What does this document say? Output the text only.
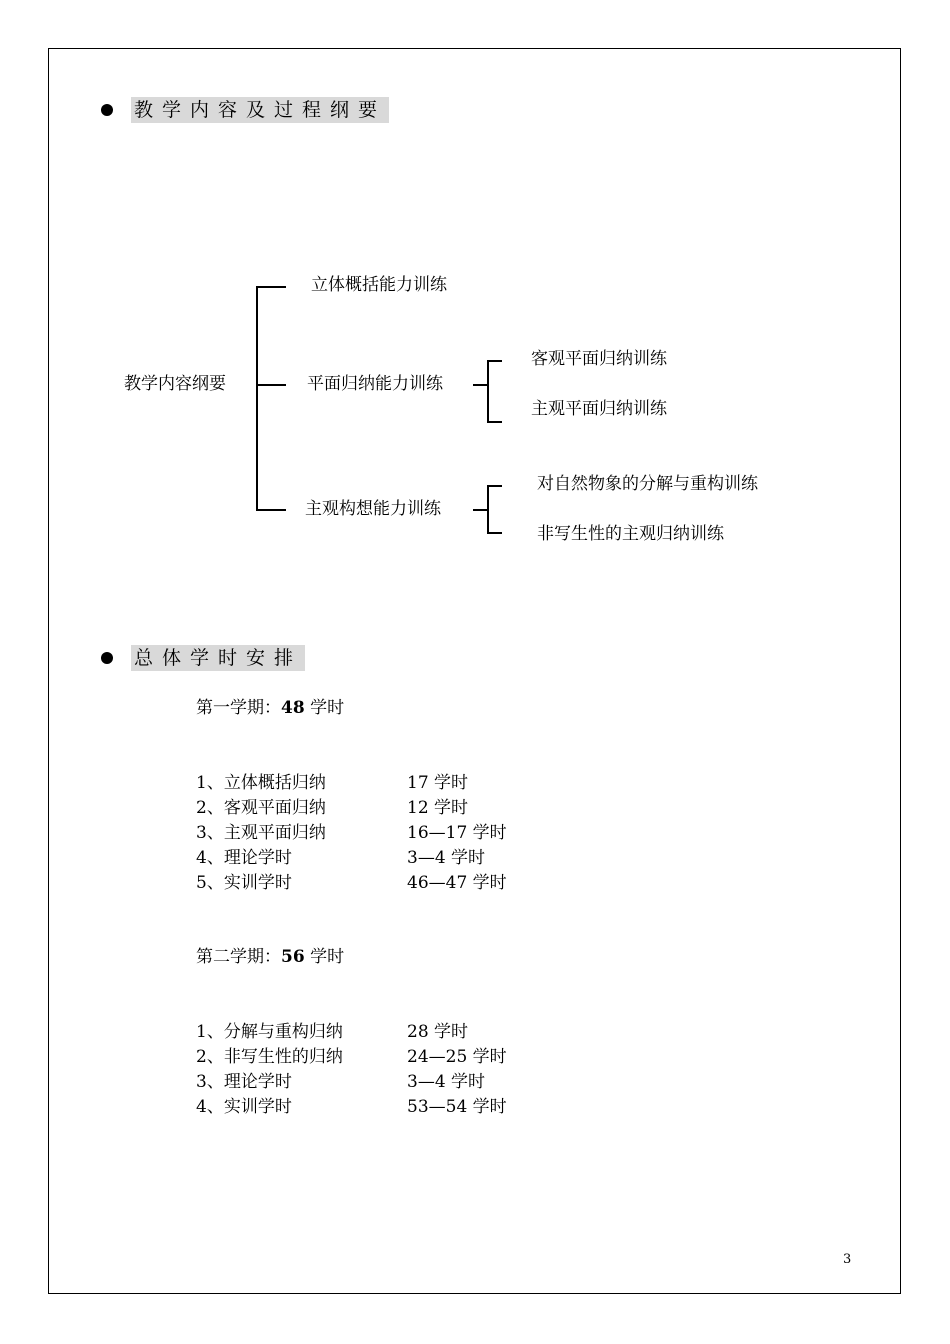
教学内容及过程纲要
教学内容纲要
立体概括能力训练
平面归纳能力训练
主观构想能力训练
客观平面归纳训练
主观平面归纳训练
对自然物象的分解与重构训练
非写生性的主观归纳训练
总体学时安排
第一学期：48 学时
1、立体概括归纳	17 学时
2、客观平面归纳	12 学时
3、主观平面归纳	16—17 学时
4、理论学时	3—4 学时
5、实训学时	46—47 学时
第二学期：56 学时
1、分解与重构归纳	28 学时
2、非写生性的归纳	24—25 学时
3、理论学时	3—4 学时
4、实训学时	53—54 学时
3
